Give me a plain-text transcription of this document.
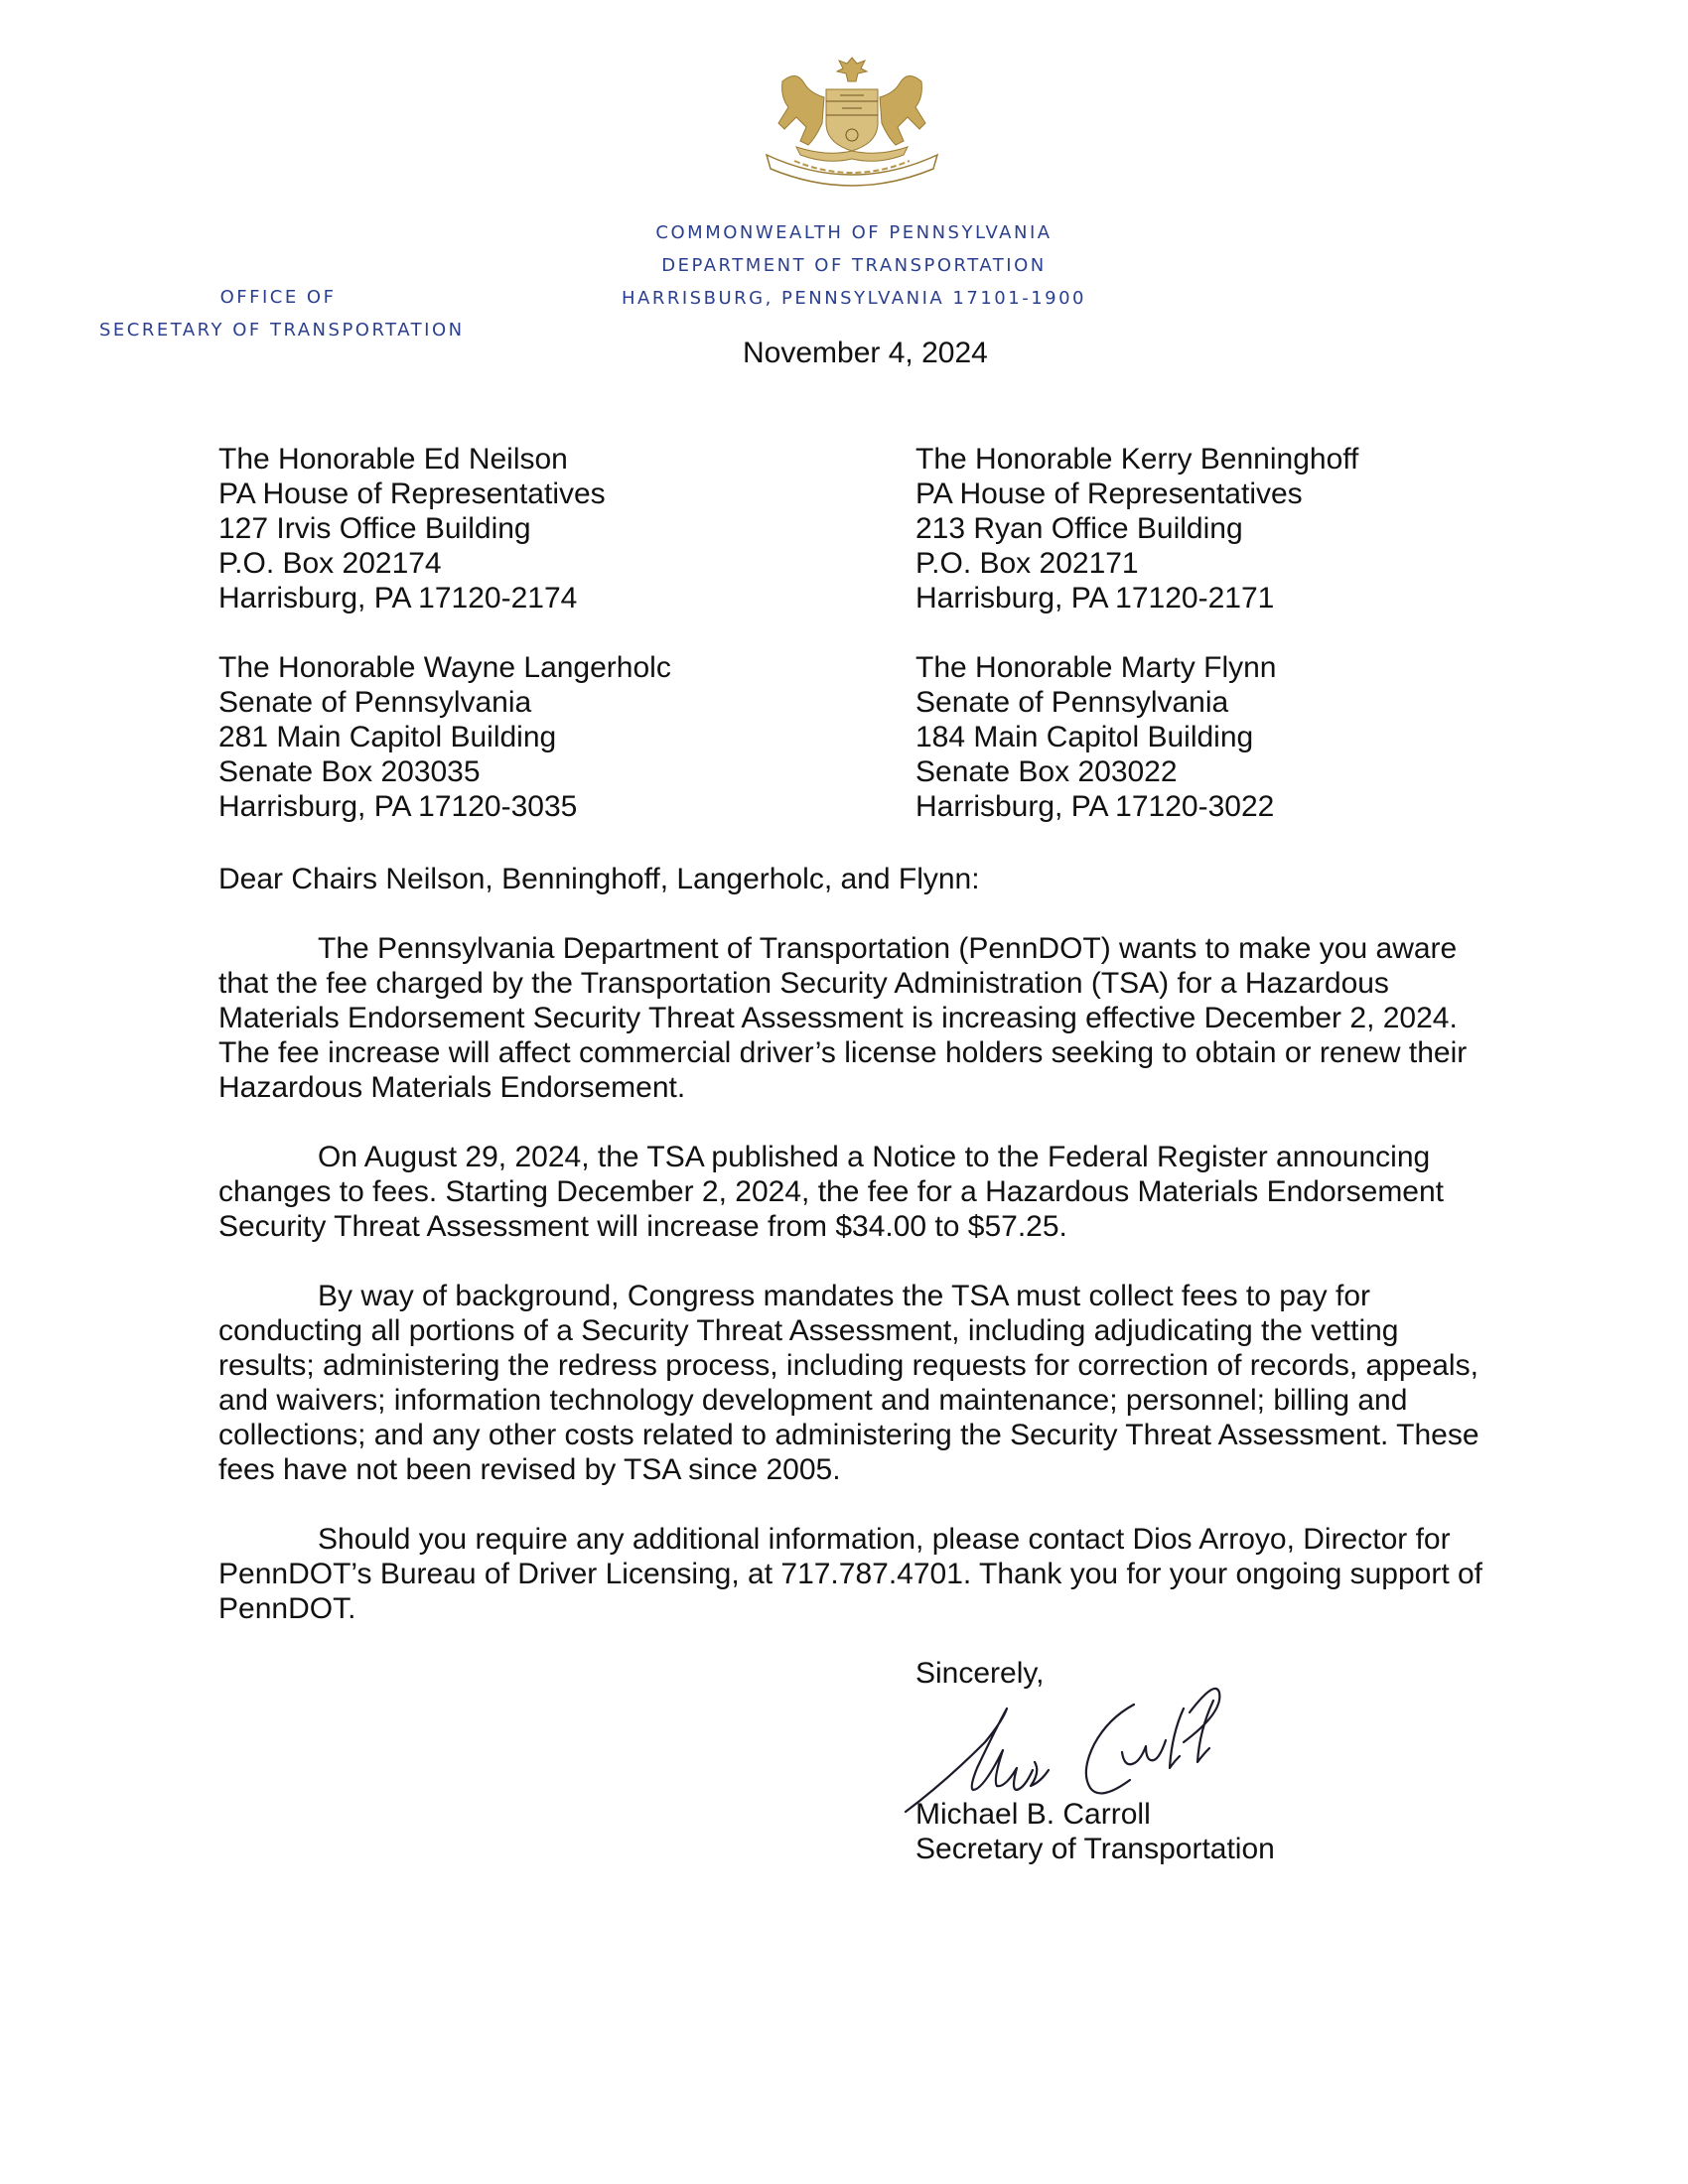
COMMONWEALTH OF PENNSYLVANIA
DEPARTMENT OF TRANSPORTATION
HARRISBURG, PENNSYLVANIA 17101-1900
OFFICE OF
SECRETARY OF TRANSPORTATION
November 4, 2024
The Honorable Ed Neilson
PA House of Representatives
127 Irvis Office Building
P.O. Box 202174
Harrisburg, PA 17120-2174
The Honorable Kerry Benninghoff
PA House of Representatives
213 Ryan Office Building
P.O. Box 202171
Harrisburg, PA 17120-2171
The Honorable Wayne Langerholc
Senate of Pennsylvania
281 Main Capitol Building
Senate Box 203035
Harrisburg, PA 17120-3035
The Honorable Marty Flynn
Senate of Pennsylvania
184 Main Capitol Building
Senate Box 203022
Harrisburg, PA 17120-3022
Dear Chairs Neilson, Benninghoff, Langerholc, and Flynn:
The Pennsylvania Department of Transportation (PennDOT) wants to make you aware
that the fee charged by the Transportation Security Administration (TSA) for a Hazardous
Materials Endorsement Security Threat Assessment is increasing effective December 2, 2024.
The fee increase will affect commercial driver’s license holders seeking to obtain or renew their
Hazardous Materials Endorsement.
On August 29, 2024, the TSA published a Notice to the Federal Register announcing
changes to fees. Starting December 2, 2024, the fee for a Hazardous Materials Endorsement
Security Threat Assessment will increase from $34.00 to $57.25.
By way of background, Congress mandates the TSA must collect fees to pay for
conducting all portions of a Security Threat Assessment, including adjudicating the vetting
results; administering the redress process, including requests for correction of records, appeals,
and waivers; information technology development and maintenance; personnel; billing and
collections; and any other costs related to administering the Security Threat Assessment. These
fees have not been revised by TSA since 2005.
Should you require any additional information, please contact Dios Arroyo, Director for
PennDOT’s Bureau of Driver Licensing, at 717.787.4701. Thank you for your ongoing support of
PennDOT.
Sincerely,
Michael B. Carroll
Secretary of Transportation
